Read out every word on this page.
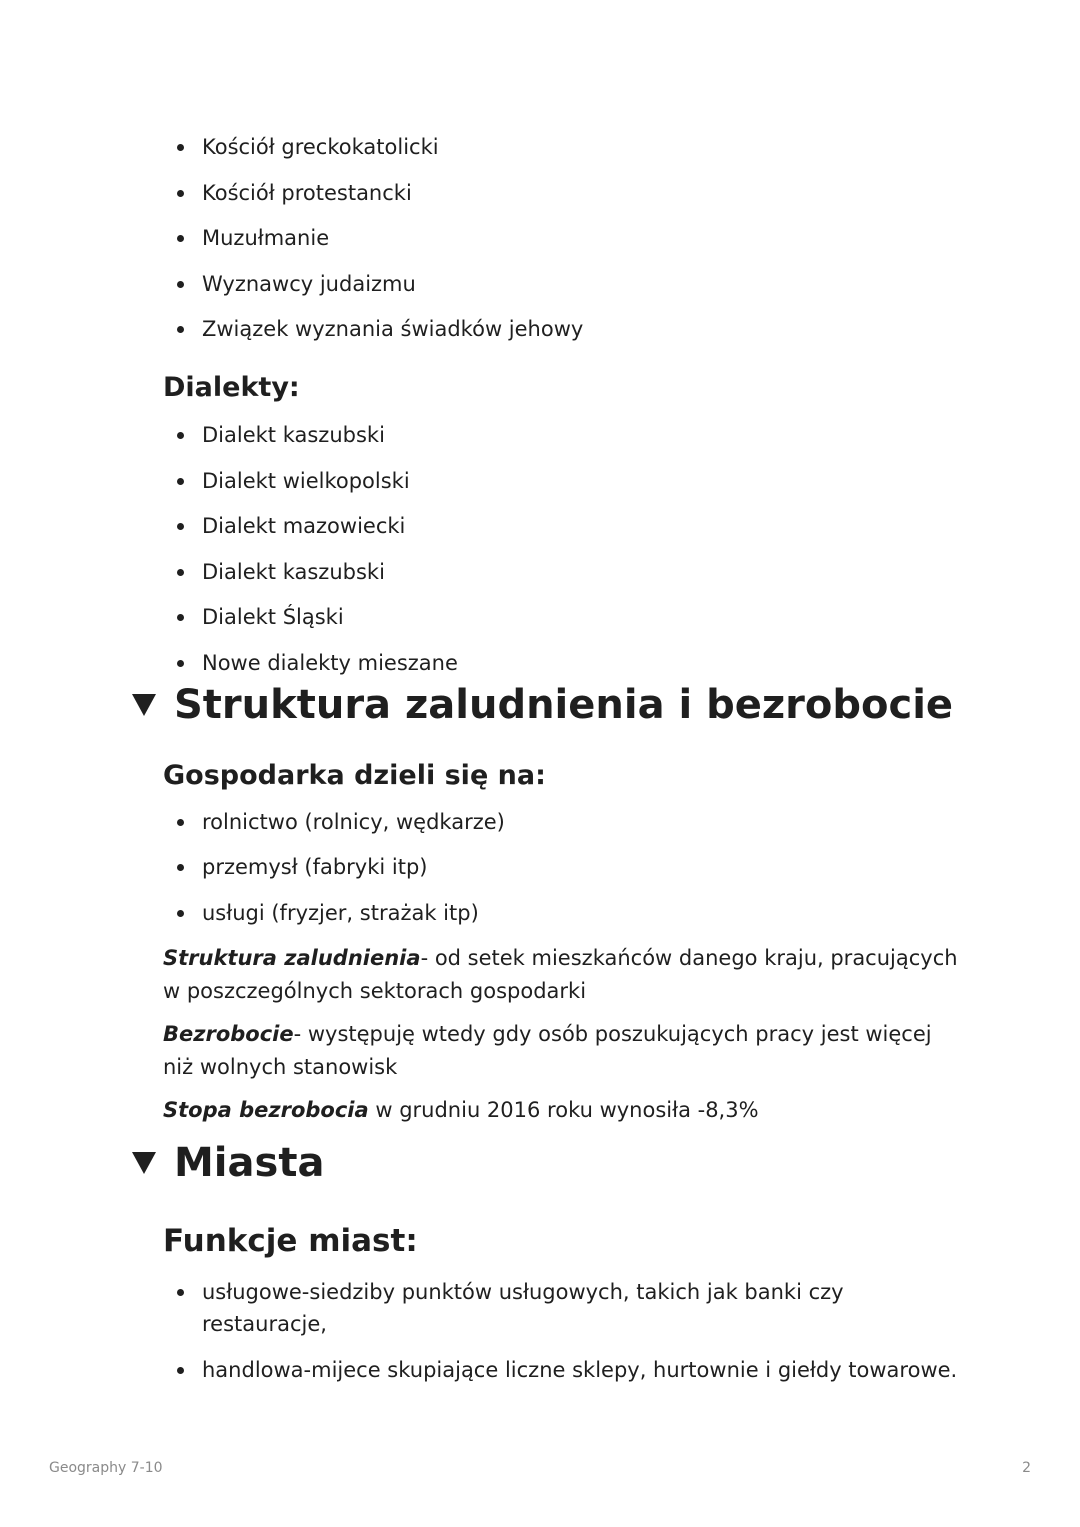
Kościół greckokatolicki
Kościół protestancki
Muzułmanie
Wyznawcy judaizmu
Związek wyznania świadków jehowy
Dialekty:
Dialekt kaszubski
Dialekt wielkopolski
Dialekt mazowiecki
Dialekt kaszubski
Dialekt Śląski
Nowe dialekty mieszane
Struktura zaludnienia i bezrobocie
Gospodarka dzieli się na:
rolnictwo (rolnicy, wędkarze)
przemysł (fabryki itp)
usługi (fryzjer, strażak itp)

Struktura zaludnienia- od setek mieszkańców danego kraju, pracujących w poszczególnych sektorach gospodarki

Bezrobocie- występuję wtedy gdy osób poszukujących pracy jest więcej niż wolnych stanowisk

Stopa bezrobocia w grudniu 2016 roku wynosiła -8,3%

Miasta
Funkcje miast:
usługowe-siedziby punktów usługowych, takich jak banki czy restauracje,
handlowa-mijece skupiające liczne sklepy, hurtownie i giełdy towarowe.
Geography 7-10	2
